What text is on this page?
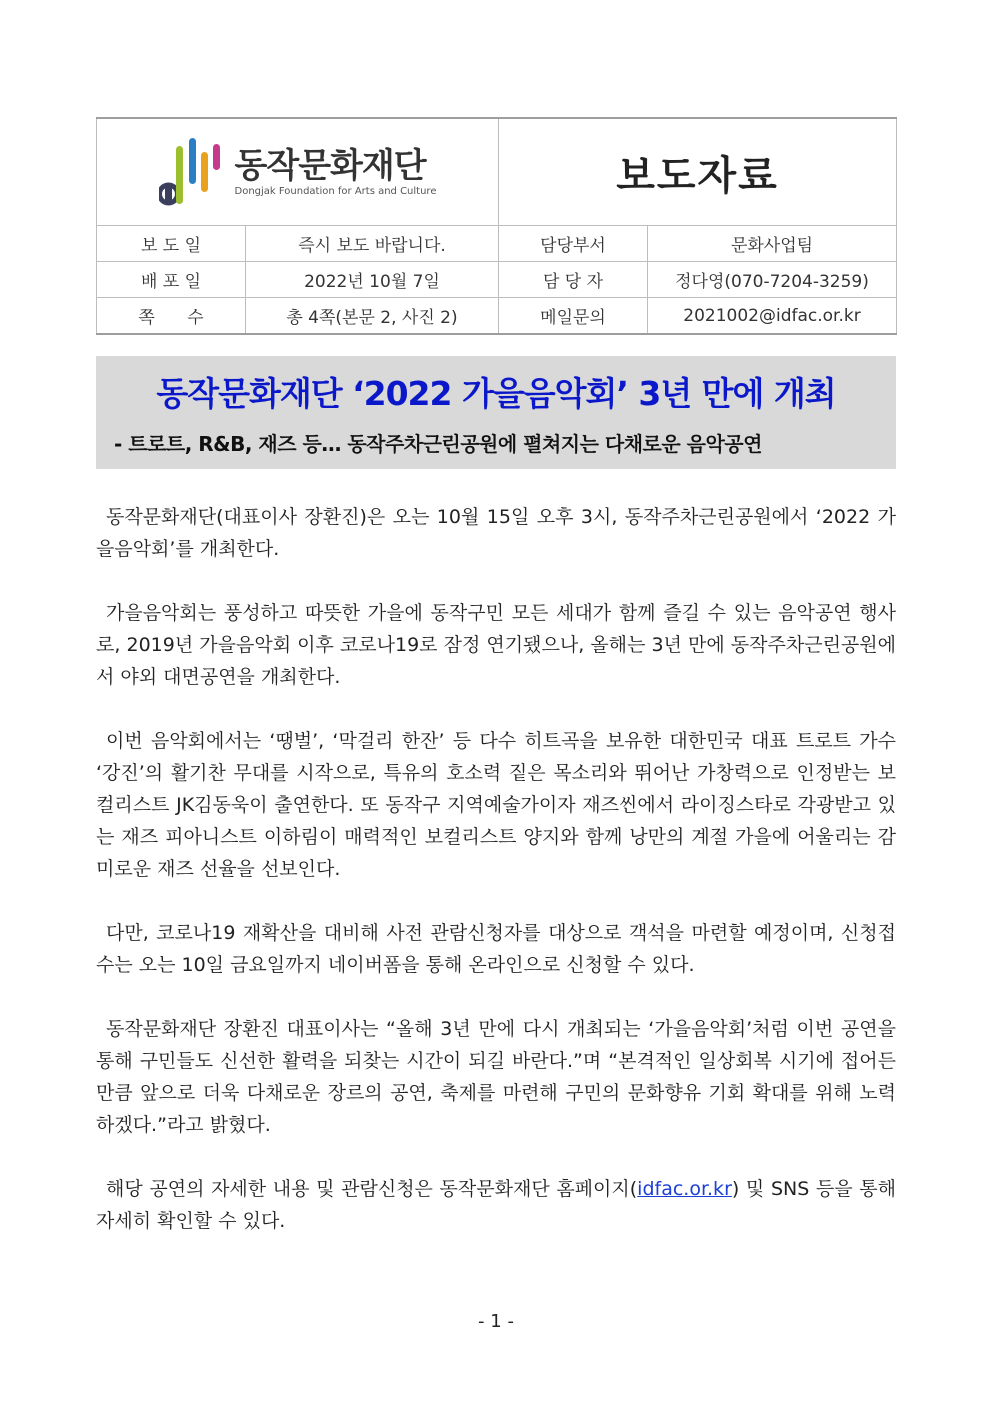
동작문화재단
Dongjak Foundation for Arts and Culture		보도자료	
보 도 일	즉시 보도 바랍니다.	담당부서	문화사업팀
배 포 일	2022년 10월 7일	담 당 자	정다영(070-7204-3259)
쪽      수	총 4쪽(본문 2, 사진 2)	메일문의	2021002@idfac.or.kr
동작문화재단 ‘2022 가을음악회’ 3년 만에 개최
- 트로트, R&B, 재즈 등… 동작주차근린공원에 펼쳐지는 다채로운 음악공연

동작문화재단(대표이사 장환진)은 오는 10월 15일 오후 3시, 동작주차근린공원에서 ‘2022 가을음악회’를 개최한다.

가을음악회는 풍성하고 따뜻한 가을에 동작구민 모든 세대가 함께 즐길 수 있는 음악공연 행사로, 2019년 가을음악회 이후 코로나19로 잠정 연기됐으나, 올해는 3년 만에 동작주차근린공원에서 야외 대면공연을 개최한다.

이번 음악회에서는 ‘땡벌’, ‘막걸리 한잔’ 등 다수 히트곡을 보유한 대한민국 대표 트로트 가수 ‘강진’의 활기찬 무대를 시작으로, 특유의 호소력 짙은 목소리와 뛰어난 가창력으로 인정받는 보컬리스트 JK김동욱이 출연한다. 또 동작구 지역예술가이자 재즈씬에서 라이징스타로 각광받고 있는 재즈 피아니스트 이하림이 매력적인 보컬리스트 양지와 함께 낭만의 계절 가을에 어울리는 감미로운 재즈 선율을 선보인다.

다만, 코로나19 재확산을 대비해 사전 관람신청자를 대상으로 객석을 마련할 예정이며, 신청접수는 오는 10일 금요일까지 네이버폼을 통해 온라인으로 신청할 수 있다.

동작문화재단 장환진 대표이사는 “올해 3년 만에 다시 개최되는 ‘가을음악회’처럼 이번 공연을 통해 구민들도 신선한 활력을 되찾는 시간이 되길 바란다.”며 “본격적인 일상회복 시기에 접어든 만큼 앞으로 더욱 다채로운 장르의 공연, 축제를 마련해 구민의 문화향유 기회 확대를 위해 노력하겠다.”라고 밝혔다.

해당 공연의 자세한 내용 및 관람신청은 동작문화재단 홈페이지(idfac.or.kr) 및 SNS 등을 통해 자세히 확인할 수 있다.

- 1 -
